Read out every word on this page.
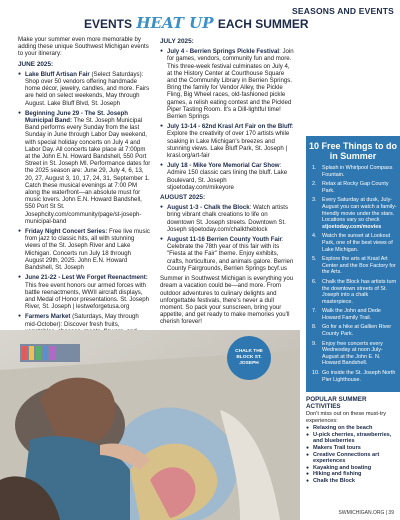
SEASONS AND EVENTS
EVENTS HEAT UP EACH SUMMER

Make your summer even more memorable by adding these unique Southwest Michigan events to your itinerary:

JUNE 2025:
● Lake Bluff Artisan Fair (Select Saturdays): Shop over 50 vendors offering handmade home décor, jewelry, candles, and more. Fairs are held on select weekends, May through August. Lake Bluff Blvd, St. Joseph
● Beginning June 29 - The St. Joseph Municipal Band: The St. Joseph Municipal Band performs every Sunday from the last Sunday in June through Labor Day weekend, with special holiday concerts on July 4 and Labor Day. All concerts take place at 7:00pm at the John E.N. Howard Bandshell, 550 Port Street in St. Joseph MI. Performance dates for the 2025 season are: June 29, July 4, 6, 13, 20, 27, August 3, 10, 17, 24, 31, September 1. Catch these musical evenings at 7:00 PM along the waterfront—an absolute must for music lovers. John E.N. Howard Bandshell, 550 Port St St. Josephcity.com/community/page/st-joseph-municipal-band
● Friday Night Concert Series: Free live music from jazz to classic hits, all with stunning views of the St. Joseph River and Lake Michigan. Concerts run July 18 through August 29th, 2025. John E.N. Howard Bandshell, St. Joseph
● June 21-22 - Lest We Forget Reenactment: This free event honors our armed forces with battle reenactments, WWII aircraft displays, and Medal of Honor presentations. St. Joseph River, St. Joseph | lestweforgetusa.org
● Farmers Market (Saturdays, May through mid-October): Discover fresh fruits,
JULY 2025:
● July 4 - Berrien Springs Pickle Festival: Join for games, vendors, community fun and more. This three-week festival culminates on July 4, at the History Center at Courthouse Square and the Community Library in Berrien Springs. Bring the family for Vendor Alley, the Pickle Fling, Big Wheel races, old-fashioned pickle games, a relish eating contest and the Pickled Piper Tasting Room. It's a Dill-lightful time! Berrien Springs
● July 13-14 - 62nd Krasl Art Fair on the Bluff: Explore the creativity of over 170 artists while soaking in Lake Michigan's breezes and stunning views. Lake Bluff Park, St. Joseph | krasl.org/art-fair
● July 18 - Mike Yore Memorial Car Show: Admire 150 classic cars lining the bluff. Lake Boulevard, St. Joseph stjoetoday.com/mikeyore
AUGUST 2025:
● August 1-3 - Chalk the Block: Watch artists bring vibrant chalk creations to life on downtown St. Joseph streets. Downtown St. Joseph stjoetoday.com/chalktheblock
● August 11-16 Berrien County Youth Fair: Celebrate the 78th year of this fair with its "Fiesta at the Fair" theme. Enjoy exhibits, crafts, horticulture, and animals galore. Berrien County Fairgrounds, Berrien Springs bcyf.us

Summer in Southwest Michigan is everything you dream a vacation could be—and more. From outdoor adventures to culinary delights and unforgettable festivals, there's never a dull moment. So pack your sunscreen, bring your appetite, and get ready to make memories you'll cherish forever!

CHALK THE BLOCK ST. JOSEPH
10 Free Things to do in Summer
1.	Splash in Whirlpool Compass Fountain.
2.	Relax at Rocky Gap County Park.
3.	Every Saturday at dusk, July-August you can watch a family-friendly movie under the stars. Locations vary so check stjoetoday.com/movies
4.	Watch the sunset at Lookout Park, one of the best views of Lake Michigan.
5.	Explore the arts at Krasl Art Center and the Box Factory for the Arts.
6.	Chalk the Block has artists turn the downtown streets of St. Joseph into a chalk masterpiece.
7.	Walk the John and Dede Howard Family Trail.
8.	Go for a hike at Gallien River County Park.
9.	Enjoy free concerts every Wednesday at noon July-August at the John E. N. Howard Bandshell.
10. Go inside the St. Joseph North Pier Lighthouse.
POPULAR SUMMER ACTIVITIES
Don't miss out on these must-try experiences:
● Relaxing on the beach
● U-pick cherries, strawberries, and blueberries
● Makers Trail tours
● Creative Connections art experiences
● Kayaking and boating
● Hiking and fishing
● Chalk the Block
SWMICHIGAN.ORG | 39
